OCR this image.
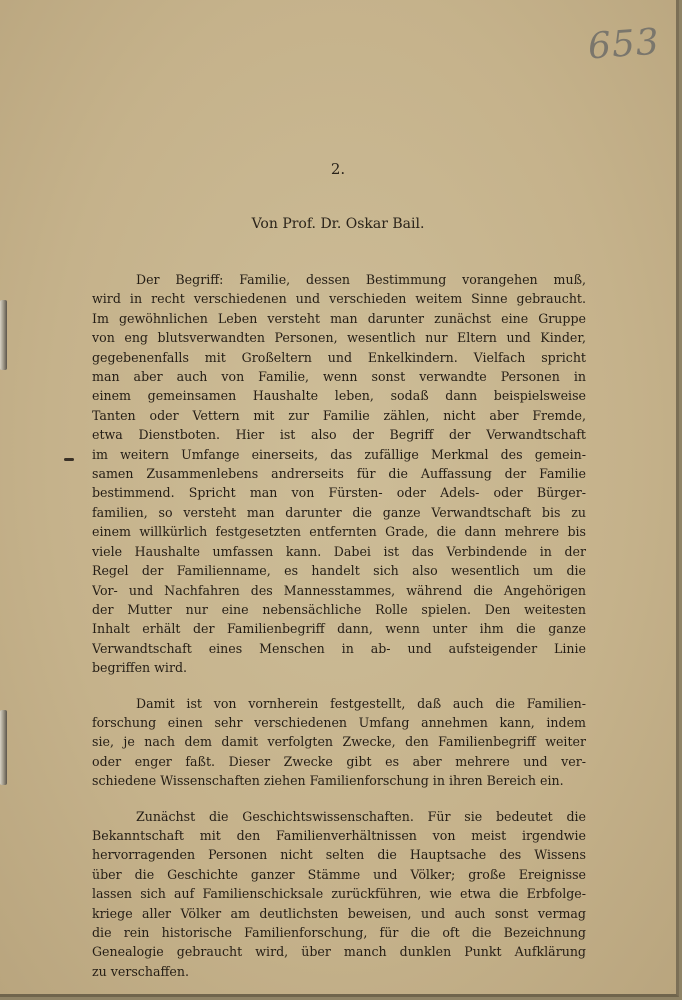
653
2.
Von Prof. Dr. Oskar Bail.
Der Begriff: Familie, dessen Bestimmung vorangehen muß,
wird in recht verschiedenen und verschieden weitem Sinne gebraucht.
Im gewöhnlichen Leben versteht man darunter zunächst eine Gruppe
von eng blutsverwandten Personen, wesentlich nur Eltern und Kinder,
gegebenenfalls mit Großeltern und Enkelkindern. Vielfach spricht
man aber auch von Familie, wenn sonst verwandte Personen in
einem gemeinsamen Haushalte leben, sodaß dann beispielsweise
Tanten oder Vettern mit zur Familie zählen, nicht aber Fremde,
etwa Dienstboten. Hier ist also der Begriff der Verwandtschaft
im weitern Umfange einerseits, das zufällige Merkmal des gemein-
samen Zusammenlebens andrerseits für die Auffassung der Familie
bestimmend. Spricht man von Fürsten- oder Adels- oder Bürger-
familien, so versteht man darunter die ganze Verwandtschaft bis zu
einem willkürlich festgesetzten entfernten Grade, die dann mehrere bis
viele Haushalte umfassen kann. Dabei ist das Verbindende in der
Regel der Familienname, es handelt sich also wesentlich um die
Vor- und Nachfahren des Mannesstammes, während die Angehörigen
der Mutter nur eine nebensächliche Rolle spielen. Den weitesten
Inhalt erhält der Familienbegriff dann, wenn unter ihm die ganze
Verwandtschaft eines Menschen in ab- und aufsteigender Linie
begriffen wird.
Damit ist von vornherein festgestellt, daß auch die Familien-
forschung einen sehr verschiedenen Umfang annehmen kann, indem
sie, je nach dem damit verfolgten Zwecke, den Familienbegriff weiter
oder enger faßt. Dieser Zwecke gibt es aber mehrere und ver-
schiedene Wissenschaften ziehen Familienforschung in ihren Bereich ein.
Zunächst die Geschichtswissenschaften. Für sie bedeutet die
Bekanntschaft mit den Familienverhältnissen von meist irgendwie
hervorragenden Personen nicht selten die Hauptsache des Wissens
über die Geschichte ganzer Stämme und Völker; große Ereignisse
lassen sich auf Familienschicksale zurückführen, wie etwa die Erbfolge-
kriege aller Völker am deutlichsten beweisen, und auch sonst vermag
die rein historische Familienforschung, für die oft die Bezeichnung
Genealogie gebraucht wird, über manch dunklen Punkt Aufklärung
zu verschaffen.
